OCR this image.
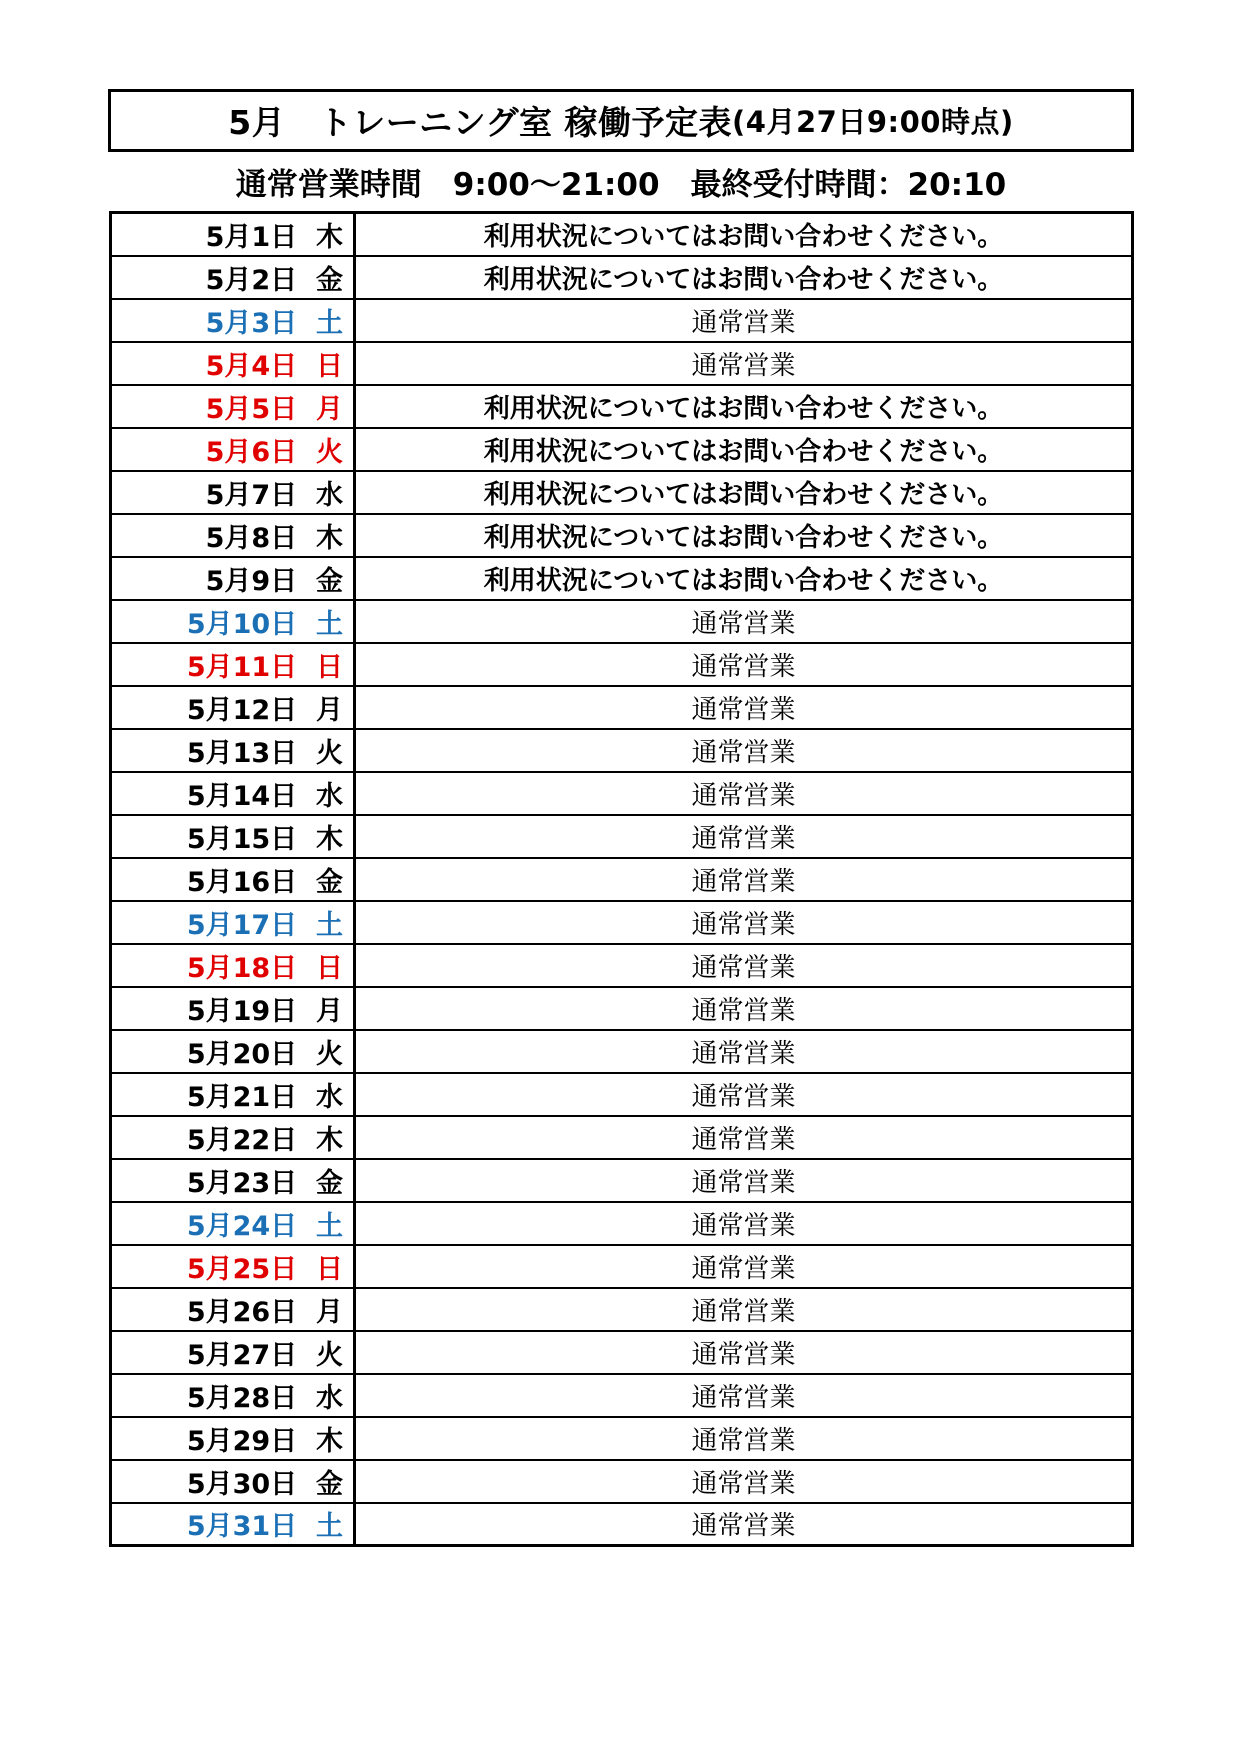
5月　トレーニング室 稼働予定表 (4月27日9:00時点)
通常営業時間　9:00～21:00　最終受付時間：20:10
5月1日 木	利用状況についてはお問い合わせください。
5月2日 金	利用状況についてはお問い合わせください。
5月3日 土	通常営業
5月4日 日	通常営業
5月5日 月	利用状況についてはお問い合わせください。
5月6日 火	利用状況についてはお問い合わせください。
5月7日 水	利用状況についてはお問い合わせください。
5月8日 木	利用状況についてはお問い合わせください。
5月9日 金	利用状況についてはお問い合わせください。
5月10日 土	通常営業
5月11日 日	通常営業
5月12日 月	通常営業
5月13日 火	通常営業
5月14日 水	通常営業
5月15日 木	通常営業
5月16日 金	通常営業
5月17日 土	通常営業
5月18日 日	通常営業
5月19日 月	通常営業
5月20日 火	通常営業
5月21日 水	通常営業
5月22日 木	通常営業
5月23日 金	通常営業
5月24日 土	通常営業
5月25日 日	通常営業
5月26日 月	通常営業
5月27日 火	通常営業
5月28日 水	通常営業
5月29日 木	通常営業
5月30日 金	通常営業
5月31日 土	通常営業
